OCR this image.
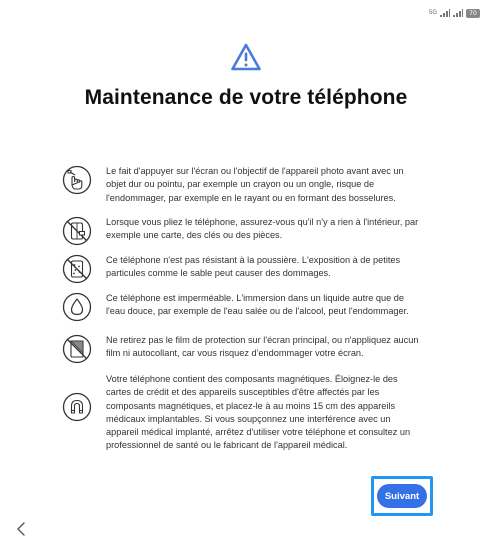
5G	70
Maintenance de votre téléphone
Le fait d'appuyer sur l'écran ou l'objectif de l'appareil photo avant avec un objet dur ou pointu, par exemple un crayon ou un ongle, risque de l'endommager, par exemple en le rayant ou en formant des bosselures.
Lorsque vous pliez le téléphone, assurez-vous qu'il n'y a rien à l'intérieur, par exemple une carte, des clés ou des pièces.
Ce téléphone n'est pas résistant à la poussière. L'exposition à de petites particules comme le sable peut causer des dommages.
Ce téléphone est imperméable. L'immersion dans un liquide autre que de l'eau douce, par exemple de l'eau salée ou de l'alcool, peut l'endommager.
Ne retirez pas le film de protection sur l'écran principal, ou n'appliquez aucun film ni autocollant, car vous risquez d'endommager votre écran.
Votre téléphone contient des composants magnétiques. Éloignez-le des cartes de crédit et des appareils susceptibles d'être affectés par les composants magnétiques, et placez-le à au moins 15 cm des appareils médicaux implantables. Si vous soupçonnez une interférence avec un appareil médical implanté, arrêtez d'utiliser votre téléphone et consultez un professionnel de santé ou le fabricant de l'appareil médical.
Suivant
